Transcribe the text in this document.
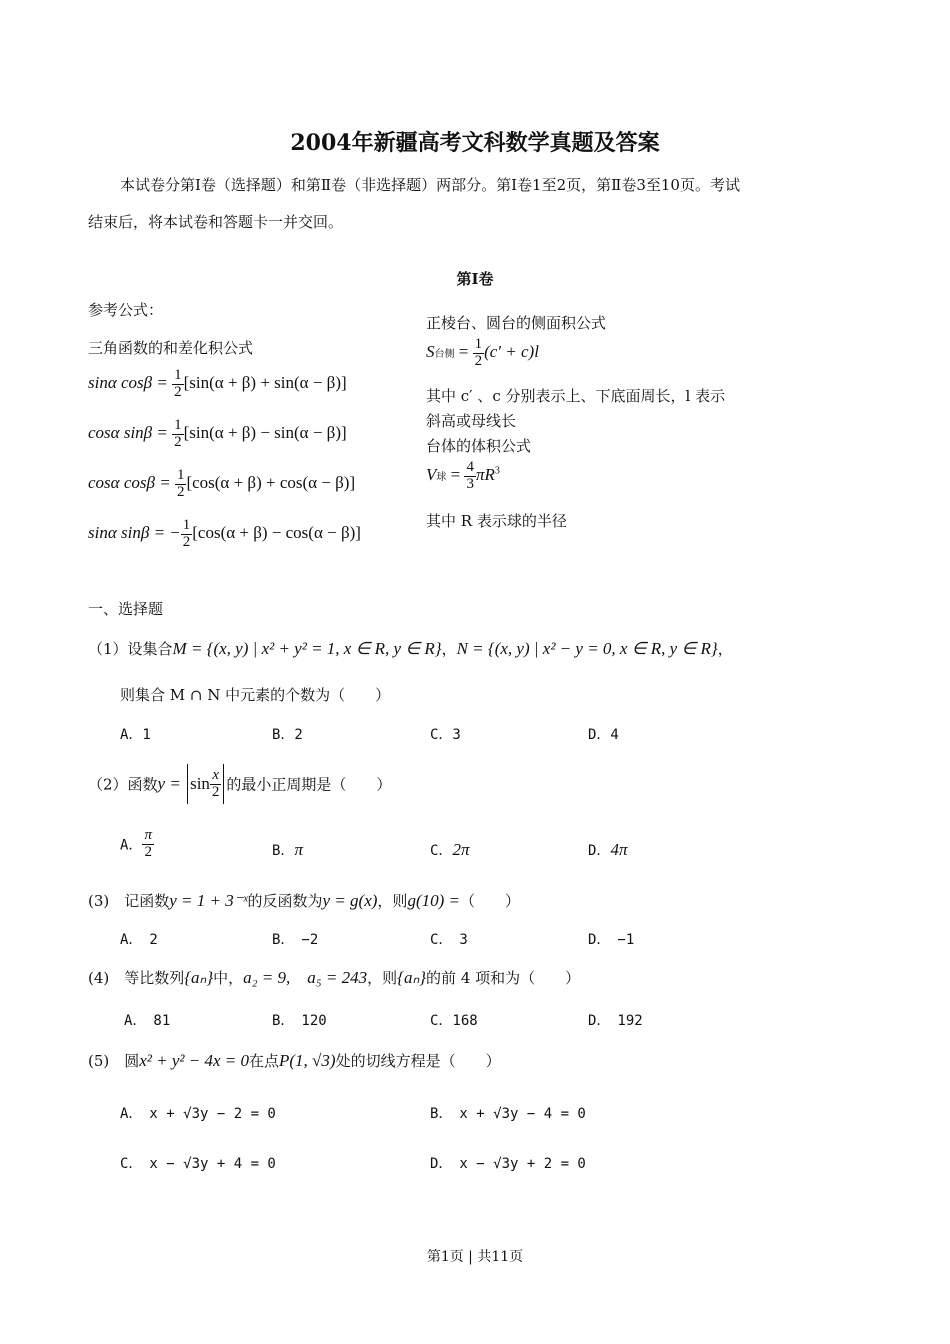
2004年新疆高考文科数学真题及答案
本试卷分第Ⅰ卷（选择题）和第Ⅱ卷（非选择题）两部分。第Ⅰ卷1至2页，第Ⅱ卷3至10页。考试
结束后，将本试卷和答题卡一并交回。
第Ⅰ卷
参考公式：
三角函数的和差化积公式
sinα $\cos\beta = \frac{1}{2} [\sin(\alpha + \beta) + \sin(\alpha - \beta)]$
cosα $\sin\beta = \frac{1}{2} [\sin(\alpha + \beta) - \sin(\alpha - \beta)]$
cosα $\cos\beta = \frac{1}{2} [\cos(\alpha + \beta) + \cos(\alpha - \beta)]$
sinα sinβ = − $\frac{1}{2} [\cos(\alpha + \beta) - \cos(\alpha - \beta)]$
正棱台、圆台的侧面积公式
S台侧 = $\frac{1}{2} (c' + c)l$
其中 c′ 、c 分别表示上、下底面周长，l 表示
斜高或母线长
台体的体积公式
V球 = $\frac{4}{3} \pi R^3$
其中 R 表示球的半径
一、选择题
（1）设集合M = {(x, y) | x² + y² = 1, x ∈ R, y ∈ R}，N = {(x, y) | x² − y = 0, x ∈ R, y ∈ R}，
则集合 M ∩ N 中元素的个数为（　　）
A．1	B．2	C．3	D．4
（2）函数$y = \sin \frac{x}{2}$ 的最小正周期是（　　）
A． $\frac{\pi}{2}$	B．π	C．2π	D．4π
(3)　记函数y = 1 + 3⁻ˣ的反函数为y = g(x)，则g(10) =（　　）
A．　2	B．　−2	C．　3	D．　−1
(4)　等比数列{aₙ}中，a₂ = 9,　a₅ = 243，则{aₙ}的前 4 项和为（　　）
A．　81	B．　120	C．168	D．　192
(5)　圆x² + y² − 4x = 0在点P(1, √3)处的切线方程是（　　）
A．　x + √3y − 2 = 0	B．　x + √3y − 4 = 0
C．　x − √3y + 4 = 0	D．　x − √3y + 2 = 0
第1页 | 共11页
